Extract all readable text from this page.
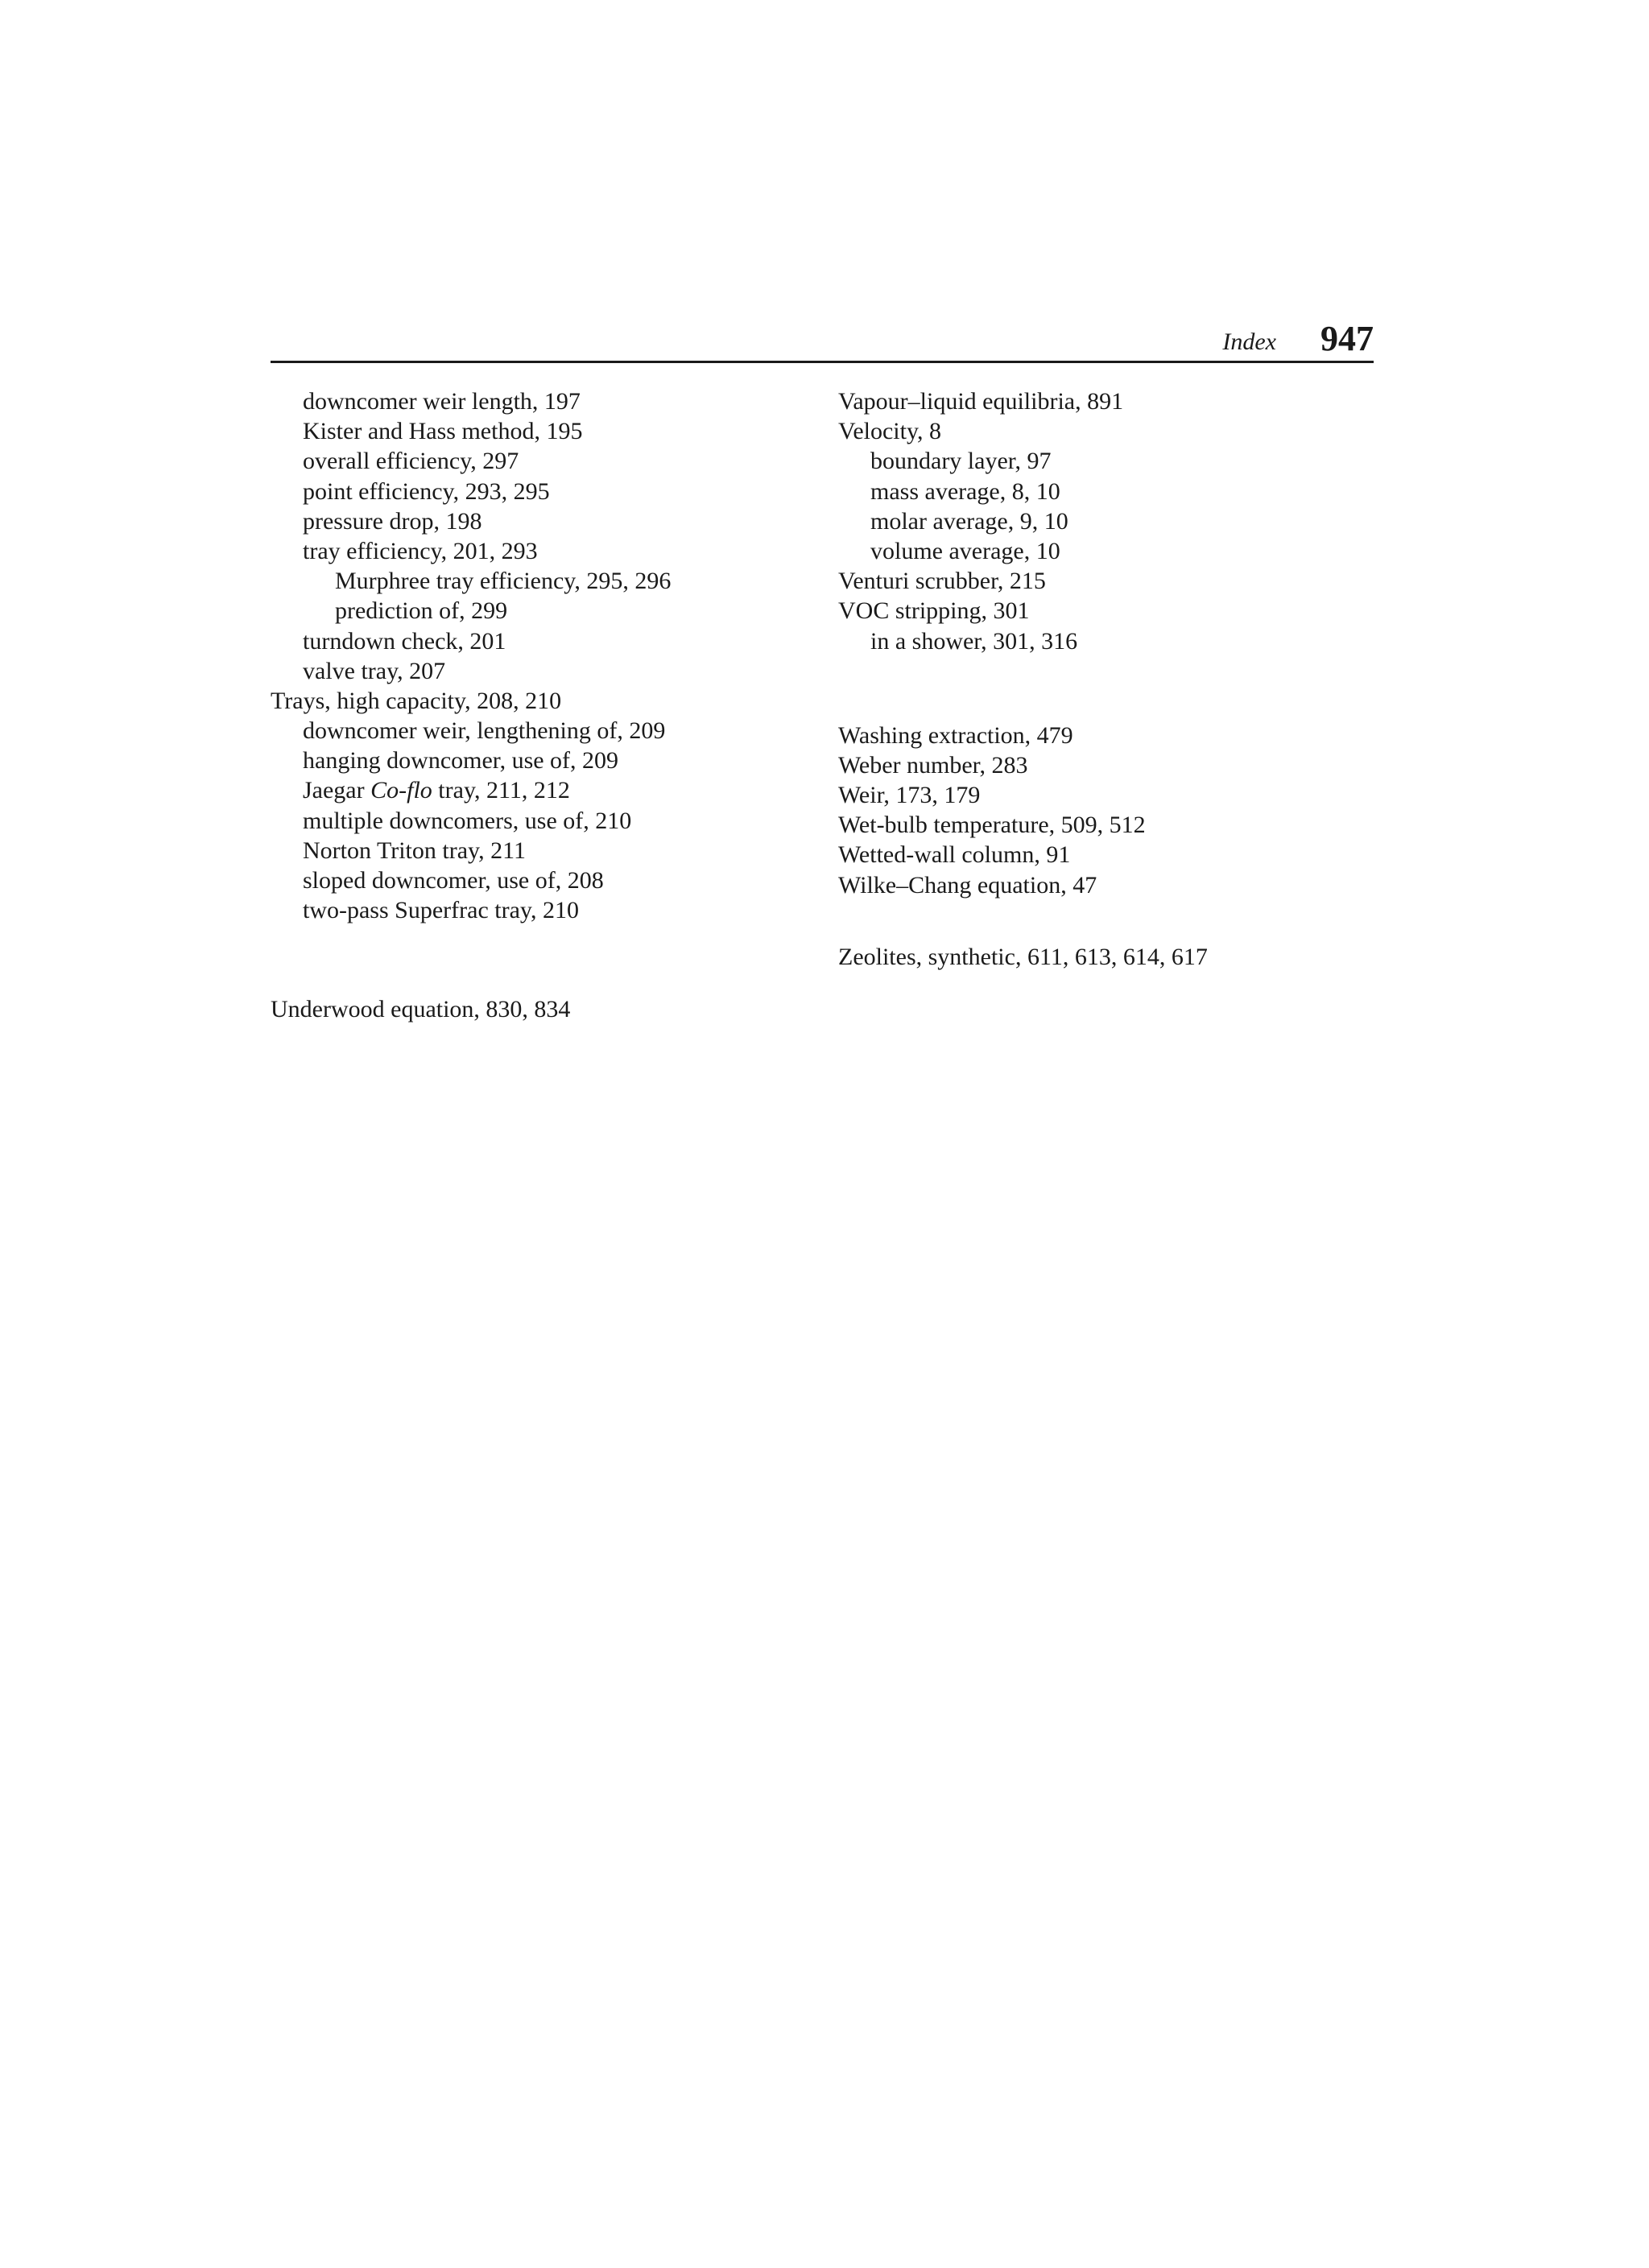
Index 947
downcomer weir length, 197
Kister and Hass method, 195
overall efficiency, 297
point efficiency, 293, 295
pressure drop, 198
tray efficiency, 201, 293
Murphree tray efficiency, 295, 296
prediction of, 299
turndown check, 201
valve tray, 207
Trays, high capacity, 208, 210
downcomer weir, lengthening of, 209
hanging downcomer, use of, 209
Jaegar Co-flo tray, 211, 212
multiple downcomers, use of, 210
Norton Triton tray, 211
sloped downcomer, use of, 208
two-pass Superfrac tray, 210
Underwood equation, 830, 834
Vapour–liquid equilibria, 891
Velocity, 8
boundary layer, 97
mass average, 8, 10
molar average, 9, 10
volume average, 10
Venturi scrubber, 215
VOC stripping, 301
in a shower, 301, 316
Washing extraction, 479
Weber number, 283
Weir, 173, 179
Wet-bulb temperature, 509, 512
Wetted-wall column, 91
Wilke–Chang equation, 47
Zeolites, synthetic, 611, 613, 614, 617
